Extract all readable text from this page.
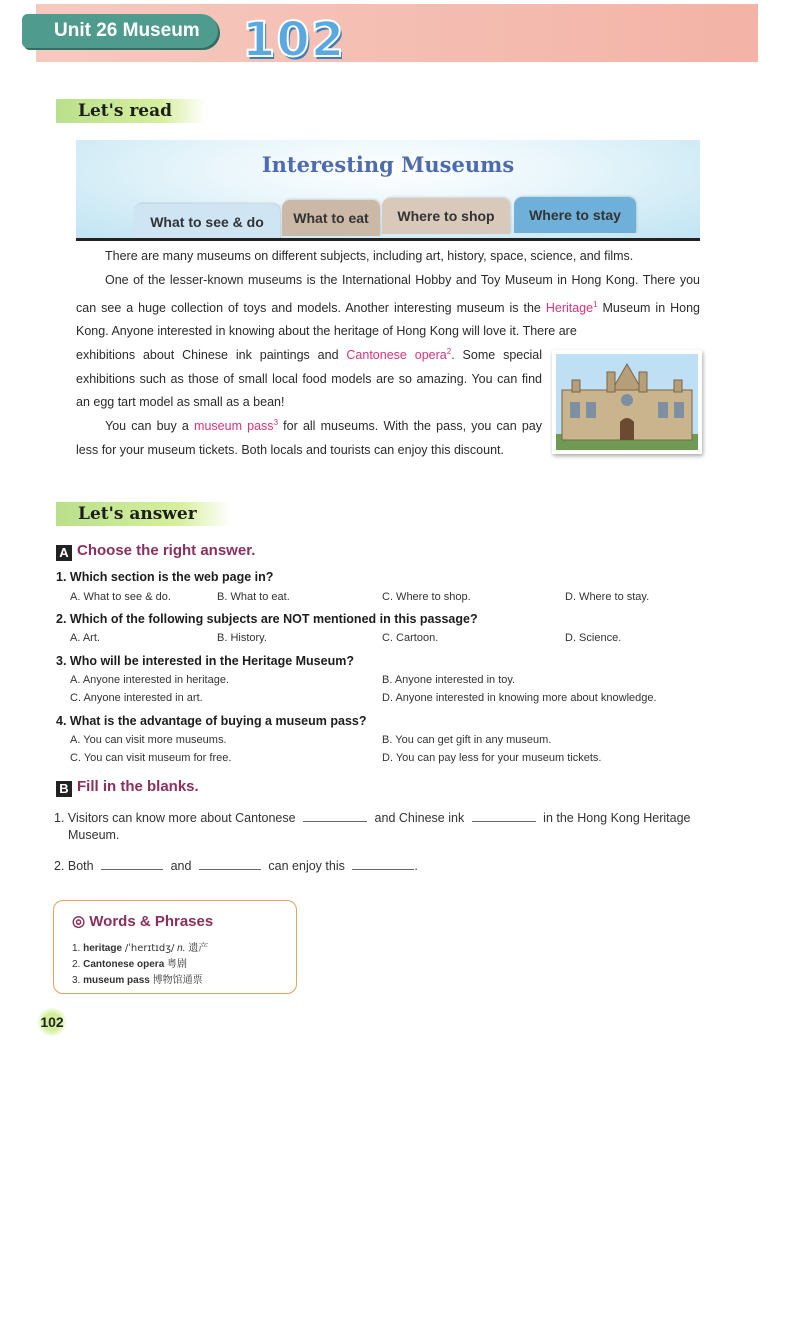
Unit 26 Museum 102
Let's read
Interesting Museums
What to see & do	What to eat	Where to shop	Where to stay
There are many museums on different subjects, including art, history, space, science, and films.
One of the lesser-known museums is the International Hobby and Toy Museum in Hong Kong. There you can see a huge collection of toys and models. Another interesting museum is the Heritage$^1$ Museum in Hong Kong. Anyone interested in knowing about the heritage of Hong Kong will love it. There are
exhibitions about Chinese ink paintings and Cantonese opera$^2$. Some special exhibitions such as those of small local food models are so amazing. You can find an egg tart model as small as a bean!
You can buy a museum pass$^3$ for all museums. With the pass, you can pay less for your museum tickets. Both locals and tourists can enjoy this discount.
Let's answer
A Choose the right answer.
1. Which section is the web page in?
A. What to see & do.	B. What to eat.	C. Where to shop.	D. Where to stay.
2. Which of the following subjects are NOT mentioned in this passage?
A. Art.	B. History.	C. Cartoon.	D. Science.
3. Who will be interested in the Heritage Museum?
A. Anyone interested in heritage.	B. Anyone interested in toy.
C. Anyone interested in art.	D. Anyone interested in knowing more about knowledge.
4. What is the advantage of buying a museum pass?
A. You can visit more museums.	B. You can get gift in any museum.
C. You can visit museum for free.	D. You can pay less for your museum tickets.
B Fill in the blanks.
1. Visitors can know more about Cantonese	and Chinese ink	in the Hong Kong Heritage
Museum.
2. Both	and	can enjoy this	.
◎ Words & Phrases
1. heritage /ˈherɪtɪdʒ/ n. 遗产
2. Cantonese opera 粤剧
3. museum pass 博物馆通票
102
